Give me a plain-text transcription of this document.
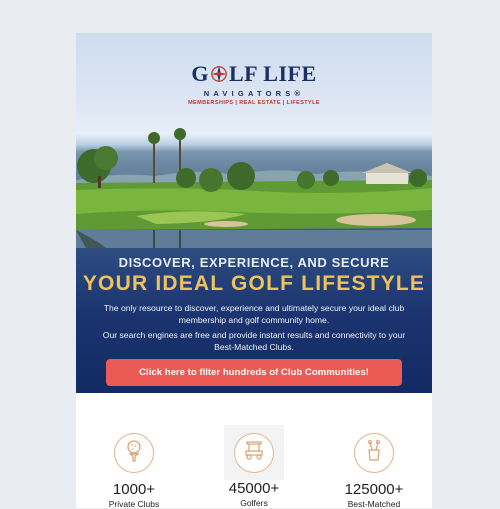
G LF LIFE
NAVIGATORS®
MEMBERSHIPS | REAL ESTATE | LIFESTYLE
DISCOVER, EXPERIENCE, AND SECURE
YOUR IDEAL GOLF LIFESTYLE
The only resource to discover, experience and ultimately secure your ideal club membership and golf community home.
Our search engines are free and provide instant results and connectivity to your Best-Matched Clubs.
Click here to filter hundreds of Club Communities!
1000+
Private Clubs
45000+
Golfers
125000+
Best-Matched
